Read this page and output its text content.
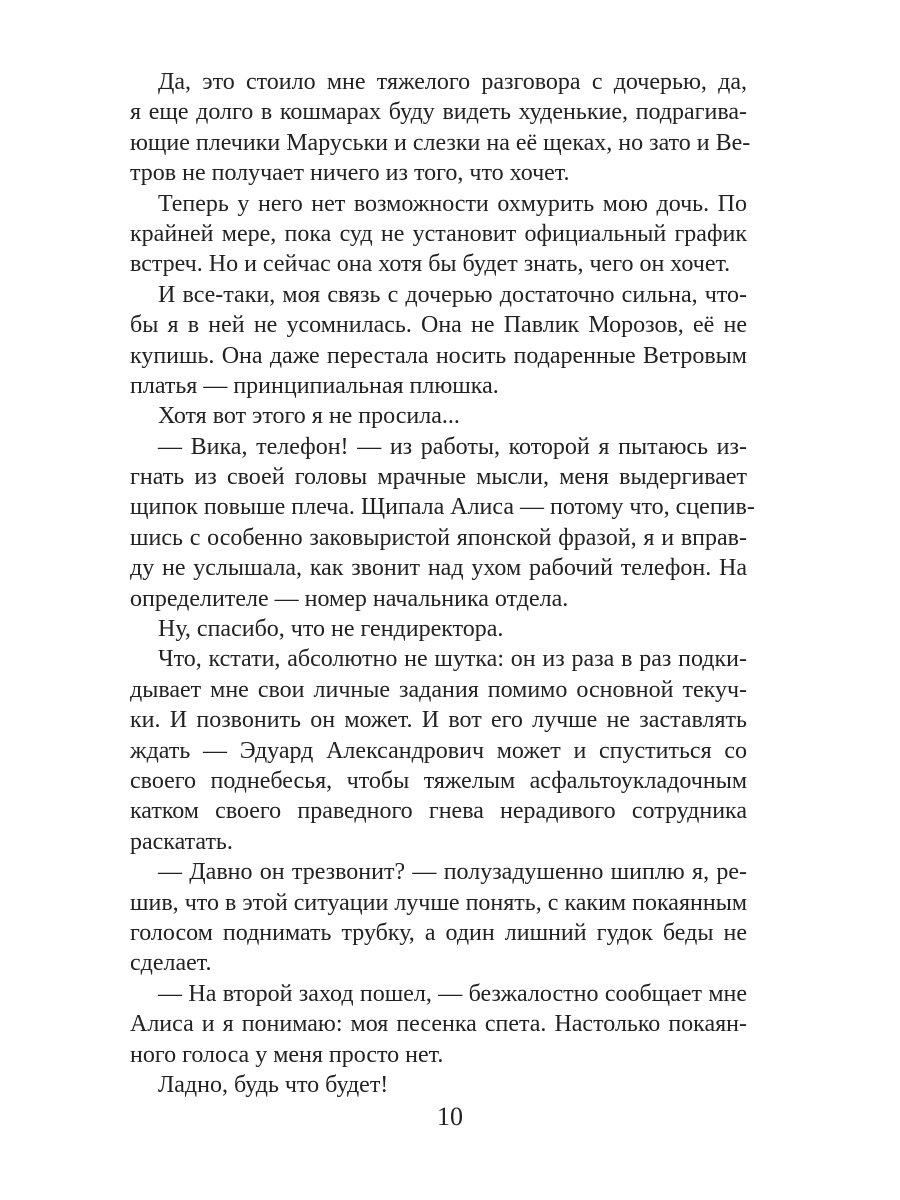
Да, это стоило мне тяжелого разговора с дочерью, да,
я еще долго в кошмарах буду видеть худенькие, подрагива-
ющие плечики Маруськи и слезки на её щеках, но зато и Ве-
тров не получает ничего из того, что хочет.
Теперь у него нет возможности охмурить мою дочь. По
крайней мере, пока суд не установит официальный график
встреч. Но и сейчас она хотя бы будет знать, чего он хочет.
И все-таки, моя связь с дочерью достаточно сильна, что-
бы я в ней не усомнилась. Она не Павлик Морозов, её не
купишь. Она даже перестала носить подаренные Ветровым
платья — принципиальная плюшка.
Хотя вот этого я не просила...
— Вика, телефон! — из работы, которой я пытаюсь из-
гнать из своей головы мрачные мысли, меня выдергивает
щипок повыше плеча. Щипала Алиса — потому что, сцепив-
шись с особенно заковыристой японской фразой, я и вправ-
ду не услышала, как звонит над ухом рабочий телефон. На
определителе — номер начальника отдела.
Ну, спасибо, что не гендиректора.
Что, кстати, абсолютно не шутка: он из раза в раз подки-
дывает мне свои личные задания помимо основной текуч-
ки. И позвонить он может. И вот его лучше не заставлять
ждать — Эдуард Александрович может и спуститься со
своего поднебесья, чтобы тяжелым асфальтоукладочным
катком своего праведного гнева нерадивого сотрудника
раскатать.
— Давно он трезвонит? — полузадушенно шиплю я, ре-
шив, что в этой ситуации лучше понять, с каким покаянным
голосом поднимать трубку, а один лишний гудок беды не
сделает.
— На второй заход пошел, — безжалостно сообщает мне
Алиса и я понимаю: моя песенка спета. Настолько покаян-
ного голоса у меня просто нет.
Ладно, будь что будет!
10
